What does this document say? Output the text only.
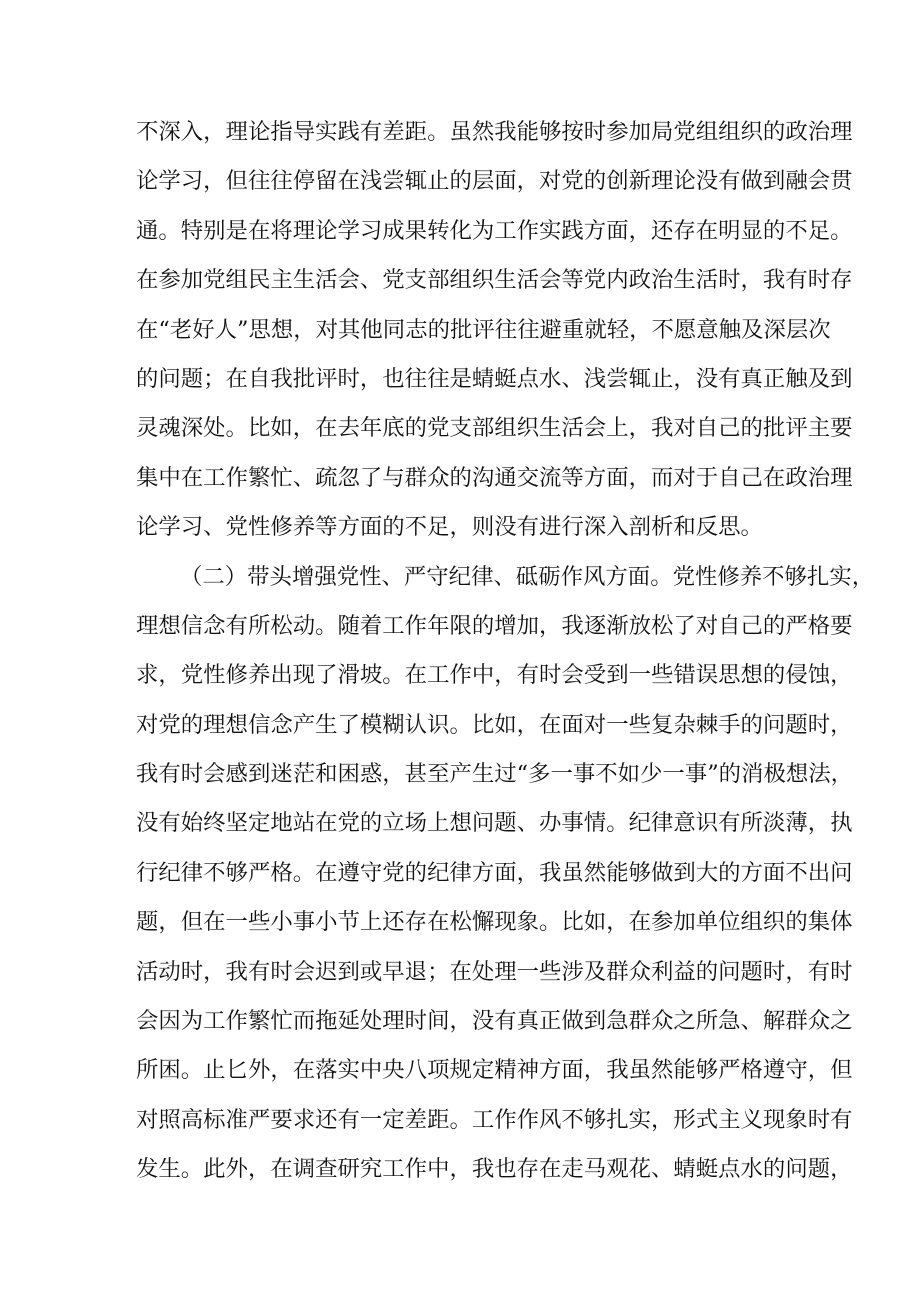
不深入，理论指导实践有差距。虽然我能够按时参加局党组组织的政治理
论学习，但往往停留在浅尝辄止的层面，对党的创新理论没有做到融会贯
通。特别是在将理论学习成果转化为工作实践方面，还存在明显的不足。
在参加党组民主生活会、党支部组织生活会等党内政治生活时，我有时存
在“老好人”思想，对其他同志的批评往往避重就轻，不愿意触及深层次
的问题；在自我批评时，也往往是蜻蜓点水、浅尝辄止，没有真正触及到
灵魂深处。比如，在去年底的党支部组织生活会上，我对自己的批评主要
集中在工作繁忙、疏忽了与群众的沟通交流等方面，而对于自己在政治理
论学习、党性修养等方面的不足，则没有进行深入剖析和反思。
（二）带头增强党性、严守纪律、砥砺作风方面。党性修养不够扎实，
理想信念有所松动。随着工作年限的增加，我逐渐放松了对自己的严格要
求，党性修养出现了滑坡。在工作中，有时会受到一些错误思想的侵蚀，
对党的理想信念产生了模糊认识。比如，在面对一些复杂棘手的问题时，
我有时会感到迷茫和困惑，甚至产生过“多一事不如少一事”的消极想法，
没有始终坚定地站在党的立场上想问题、办事情。纪律意识有所淡薄，执
行纪律不够严格。在遵守党的纪律方面，我虽然能够做到大的方面不出问
题，但在一些小事小节上还存在松懈现象。比如，在参加单位组织的集体
活动时，我有时会迟到或早退；在处理一些涉及群众利益的问题时，有时
会因为工作繁忙而拖延处理时间，没有真正做到急群众之所急、解群众之
所困。止匕外，在落实中央八项规定精神方面，我虽然能够严格遵守，但
对照高标准严要求还有一定差距。工作作风不够扎实，形式主义现象时有
发生。此外，在调查研究工作中，我也存在走马观花、蜻蜓点水的问题，
